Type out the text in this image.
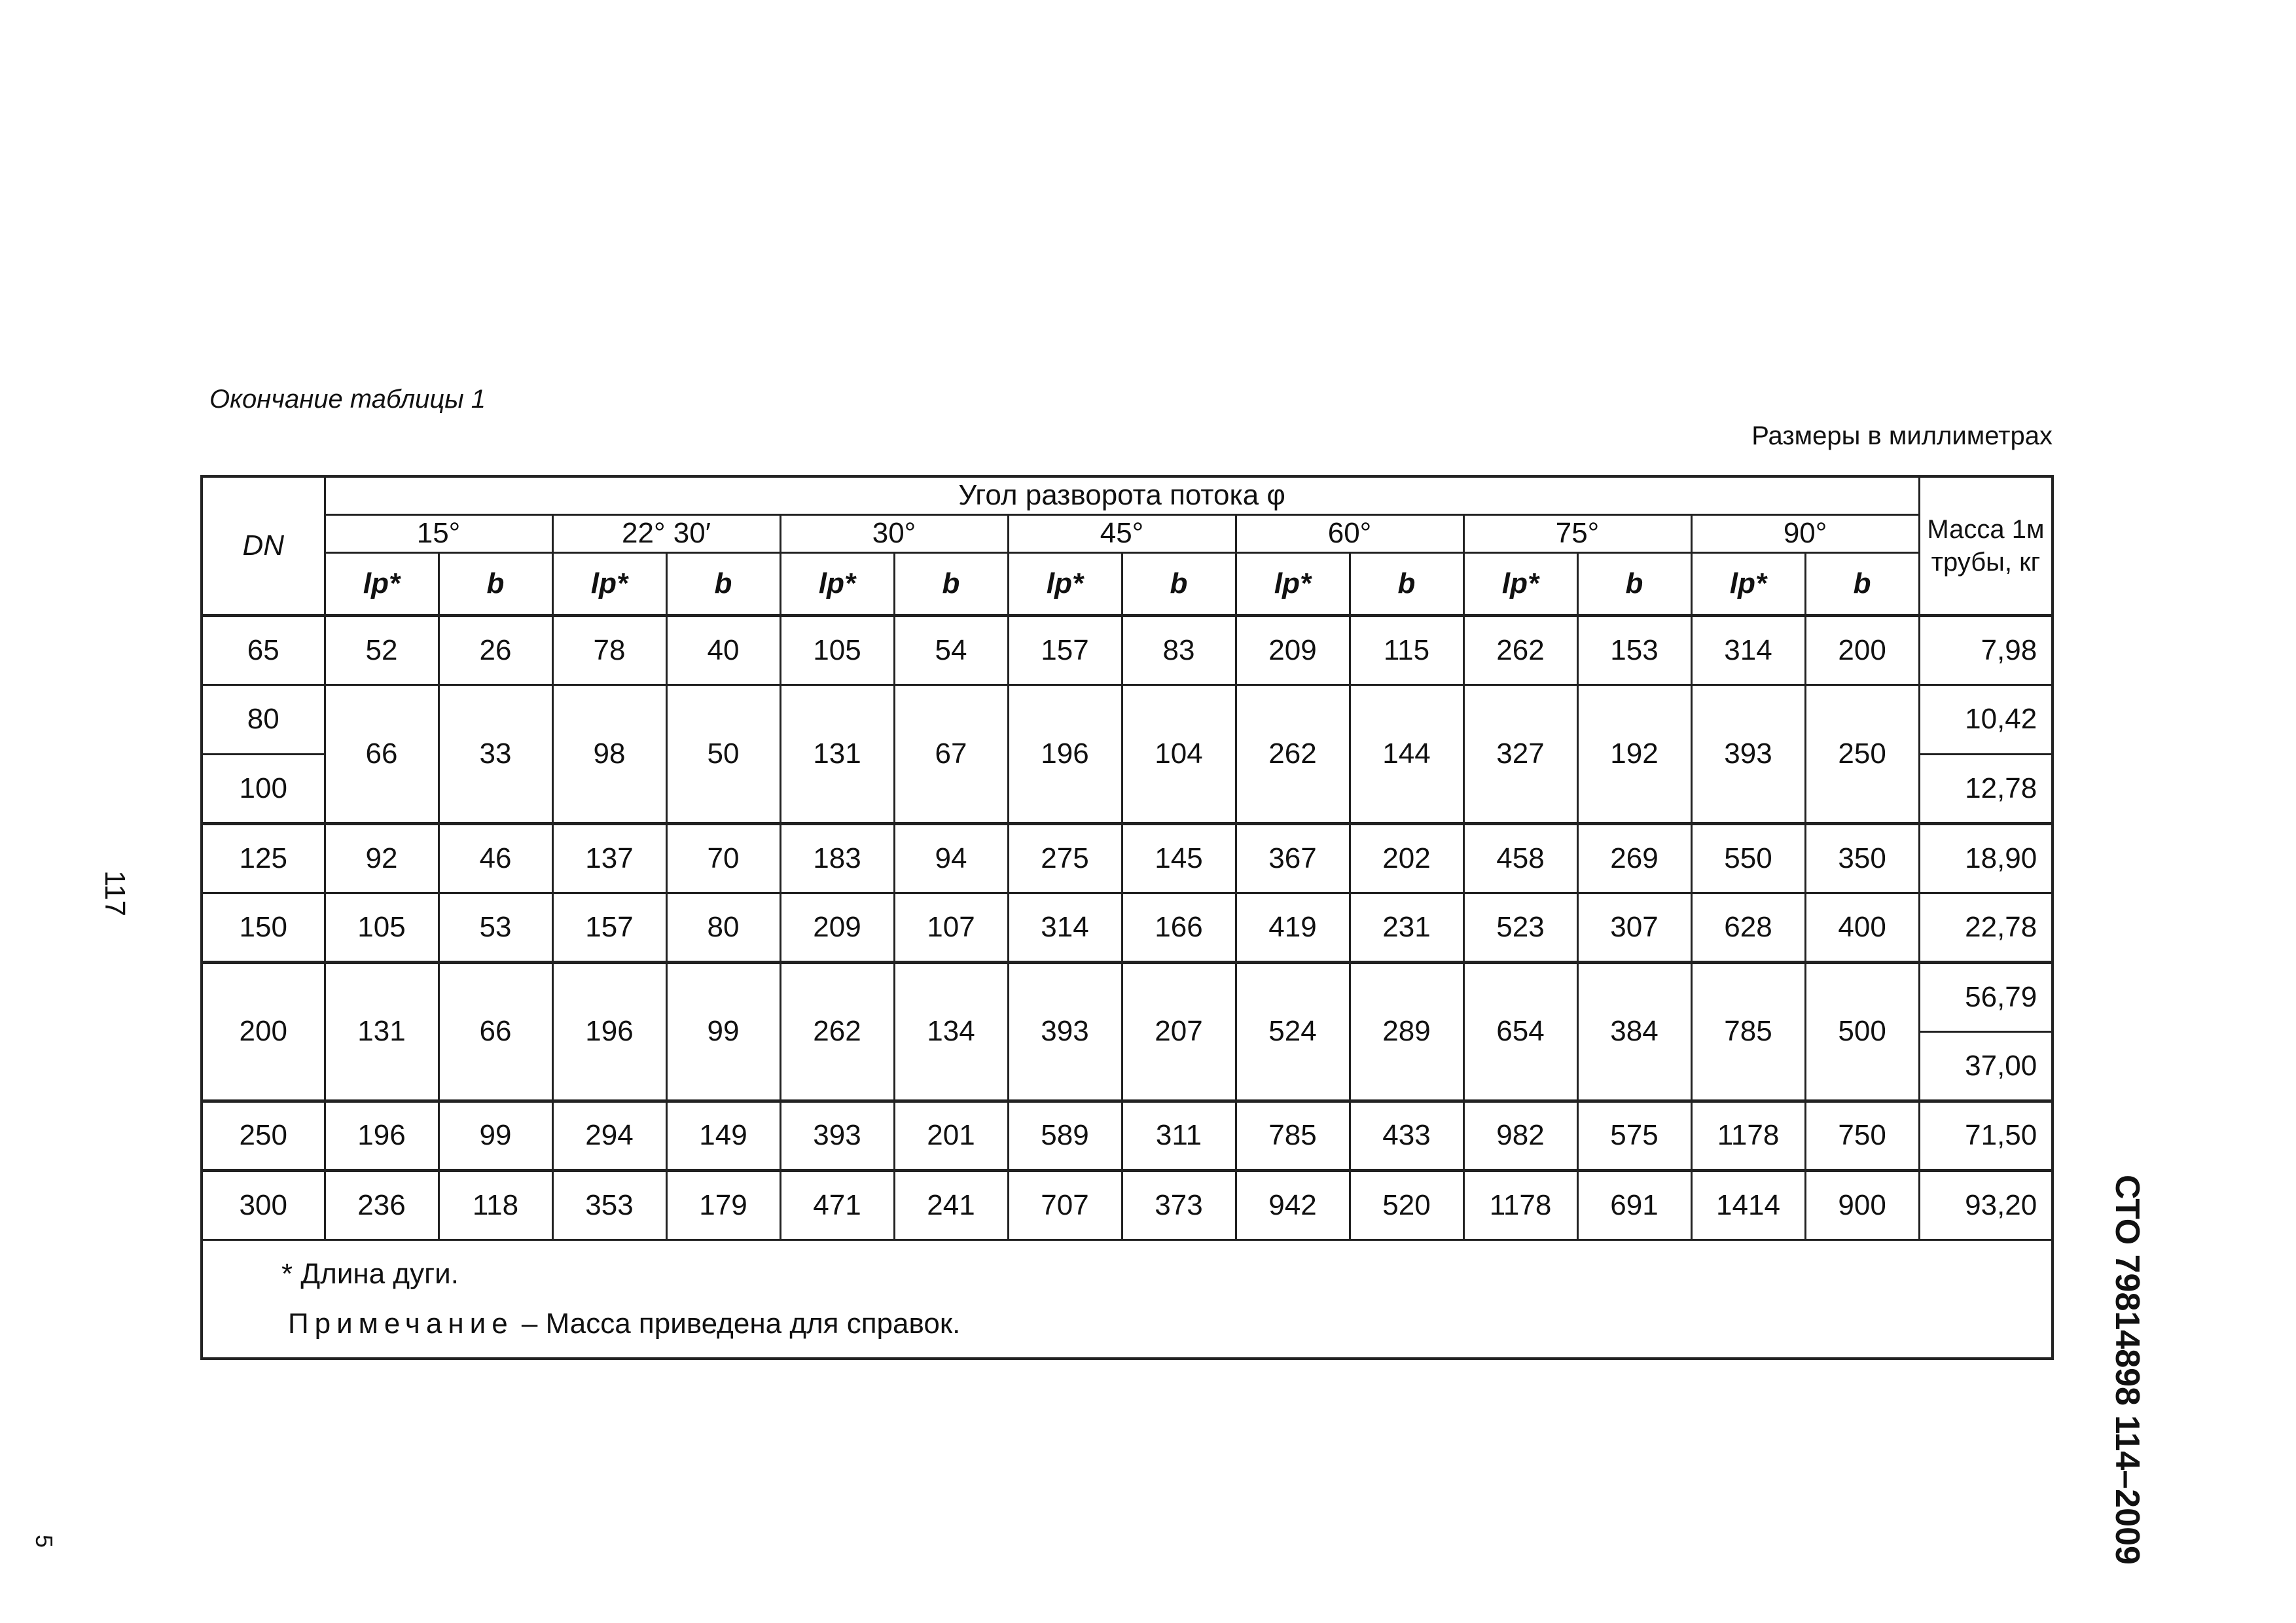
Окончание таблицы 1
Размеры в миллиметрах
DN	Угол разворота потока φ														Масса 1м трубы, кг
	15°		22° 30′		30°		45°		60°		75°		90°		
	lp*	b	lp*	b	lp*	b	lp*	b	lp*	b	lp*	b	lp*	b	
65	52	26	78	40	105	54	157	83	209	115	262	153	314	200	7,98
80	66	33	98	50	131	67	196	104	262	144	327	192	393	250	10,42
100															12,78
125	92	46	137	70	183	94	275	145	367	202	458	269	550	350	18,90
150	105	53	157	80	209	107	314	166	419	231	523	307	628	400	22,78
200	131	66	196	99	262	134	393	207	524	289	654	384	785	500	56,79
															37,00
250	196	99	294	149	393	201	589	311	785	433	982	575	1178	750	71,50
300	236	118	353	179	471	241	707	373	942	520	1178	691	1414	900	93,20

* Длина дуги.
Примечание – Масса приведена для справок.															
117
5	СТО 79814898 114–2009
